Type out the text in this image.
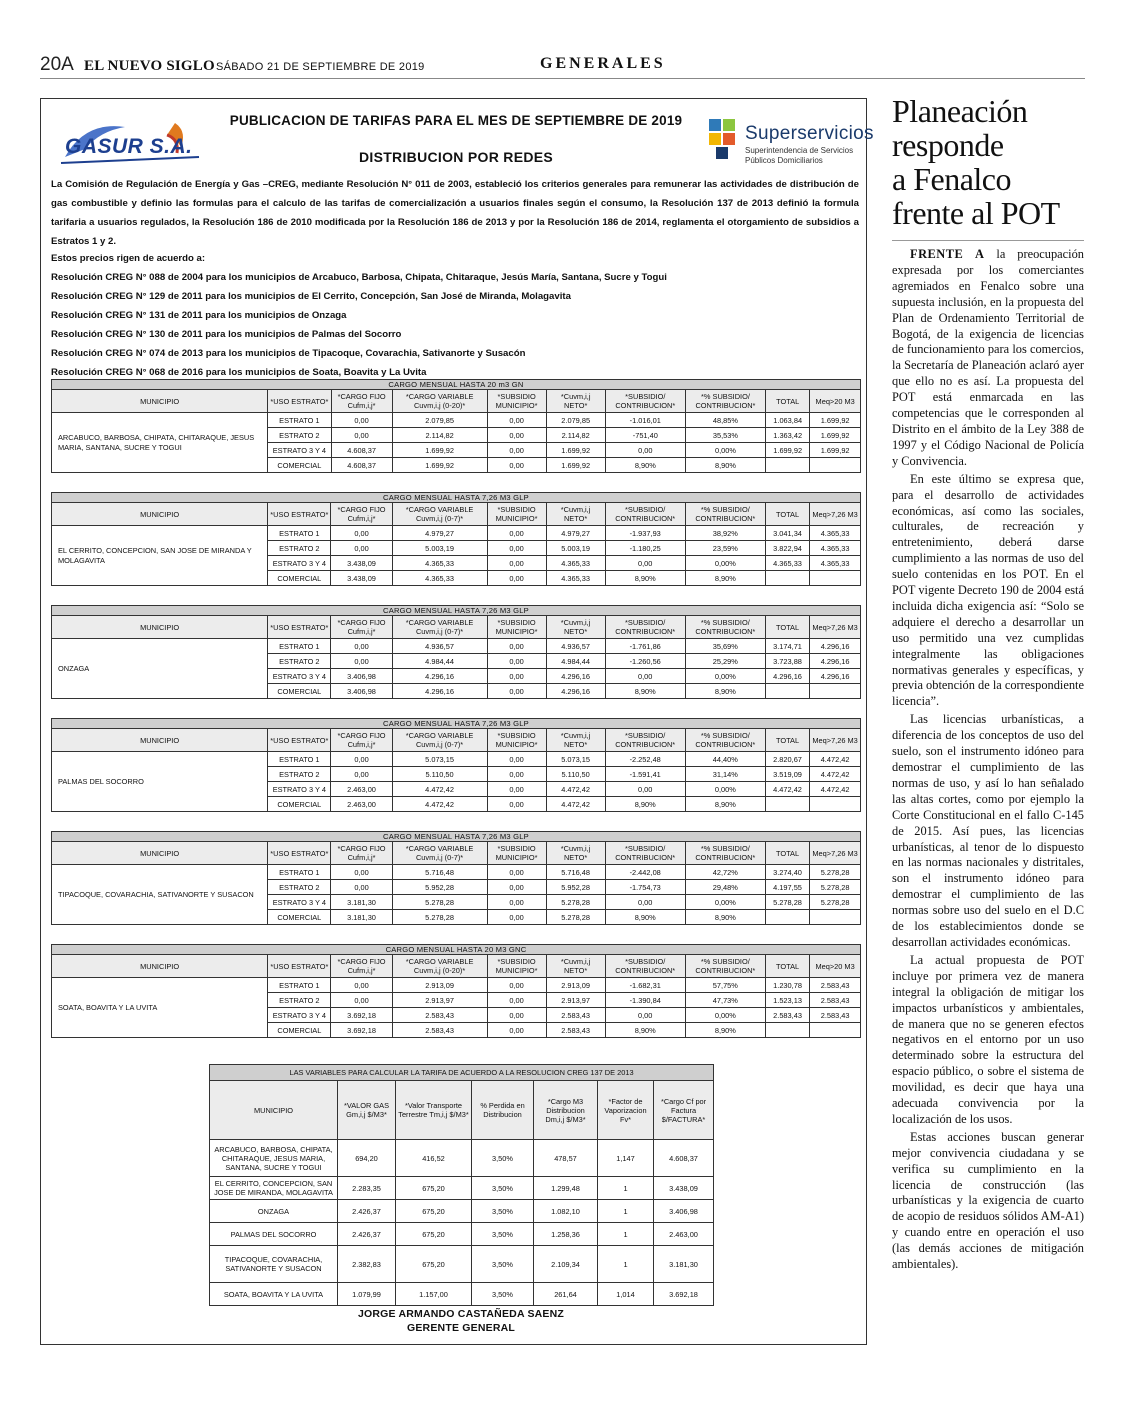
20A EL NUEVO SIGLO SÁBADO 21 DE SEPTIEMBRE DE 2019	GENERALES
GASUR S.A.
Superservicios
Superintendencia de Servicios Públicos Domiciliarios
PUBLICACION DE TARIFAS PARA EL MES DE SEPTIEMBRE DE 2019
DISTRIBUCION POR REDES
La Comisión de Regulación de Energía y Gas –CREG, mediante Resolución N° 011 de 2003, estableció los criterios generales para remunerar las actividades de distribución de gas combustible y definio las formulas para el calculo de las tarifas de comercialización a usuarios finales según el consumo, la Resolución 137 de 2013 definió la formula tarifaria a usuarios regulados, la Resolución 186 de 2010 modificada por la Resolución 186 de 2013 y por la Resolución 186 de 2014, reglamenta el otorgamiento de subsidios a Estratos 1 y 2.
Estos precios rigen de acuerdo a:
Resolución CREG N° 088 de 2004 para los municipios de Arcabuco, Barbosa, Chipata, Chitaraque, Jesús María, Santana, Sucre y Togui
Resolución CREG N° 129 de 2011 para los municipios de El Cerrito, Concepción, San José de Miranda, Molagavita
Resolución CREG N° 131 de 2011 para los municipios de Onzaga
Resolución CREG N° 130 de 2011 para los municipios de Palmas del Socorro
Resolución CREG N° 074 de 2013 para los municipios de Tipacoque, Covarachia, Sativanorte y Susacón
Resolución CREG N° 068 de 2016 para los municipios de Soata, Boavita y La Uvita
CARGO MENSUAL HASTA 20 m3 GN									
MUNICIPIO	*USO ESTRATO*	*CARGO FIJO Cufm,i,j*	*CARGO VARIABLE Cuvm,i,j (0-20)*	*SUBSIDIO MUNICIPIO*	*Cuvm,i,j NETO*	*SUBSIDIO/ CONTRIBUCION*	*% SUBSIDIO/ CONTRIBUCION*	TOTAL	Meq>20 M3
ARCABUCO, BARBOSA, CHIPATA, CHITARAQUE, JESUS MARIA, SANTANA, SUCRE Y TOGUI	ESTRATO 1	0,00	2.079,85	0,00	2.079,85	-1.016,01	48,85%	1.063,84	1.699,92
	ESTRATO 2	0,00	2.114,82	0,00	2.114,82	-751,40	35,53%	1.363,42	1.699,92
	ESTRATO 3 Y 4	4.608,37	1.699,92	0,00	1.699,92	0,00	0,00%	1.699,92	1.699,92
	COMERCIAL	4.608,37	1.699,92	0,00	1.699,92	8,90%	8,90%		
CARGO MENSUAL HASTA 7,26 M3 GLP									
MUNICIPIO	*USO ESTRATO*	*CARGO FIJO Cufm,i,j*	*CARGO VARIABLE Cuvm,i,j (0-7)*	*SUBSIDIO MUNICIPIO*	*Cuvm,i,j NETO*	*SUBSIDIO/ CONTRIBUCION*	*% SUBSIDIO/ CONTRIBUCION*	TOTAL	Meq>7,26 M3
EL CERRITO, CONCEPCION, SAN JOSE DE MIRANDA Y MOLAGAVITA	ESTRATO 1	0,00	4.979,27	0,00	4.979,27	-1.937,93	38,92%	3.041,34	4.365,33
	ESTRATO 2	0,00	5.003,19	0,00	5.003,19	-1.180,25	23,59%	3.822,94	4.365,33
	ESTRATO 3 Y 4	3.438,09	4.365,33	0,00	4.365,33	0,00	0,00%	4.365,33	4.365,33
	COMERCIAL	3.438,09	4.365,33	0,00	4.365,33	8,90%	8,90%		
CARGO MENSUAL HASTA 7,26 M3 GLP									
MUNICIPIO	*USO ESTRATO*	*CARGO FIJO Cufm,i,j*	*CARGO VARIABLE Cuvm,i,j (0-7)*	*SUBSIDIO MUNICIPIO*	*Cuvm,i,j NETO*	*SUBSIDIO/ CONTRIBUCION*	*% SUBSIDIO/ CONTRIBUCION*	TOTAL	Meq>7,26 M3
ONZAGA	ESTRATO 1	0,00	4.936,57	0,00	4.936,57	-1.761,86	35,69%	3.174,71	4.296,16
	ESTRATO 2	0,00	4.984,44	0,00	4.984,44	-1.260,56	25,29%	3.723,88	4.296,16
	ESTRATO 3 Y 4	3.406,98	4.296,16	0,00	4.296,16	0,00	0,00%	4.296,16	4.296,16
	COMERCIAL	3.406,98	4.296,16	0,00	4.296,16	8,90%	8,90%		
CARGO MENSUAL HASTA 7,26 M3 GLP									
MUNICIPIO	*USO ESTRATO*	*CARGO FIJO Cufm,i,j*	*CARGO VARIABLE Cuvm,i,j (0-7)*	*SUBSIDIO MUNICIPIO*	*Cuvm,i,j NETO*	*SUBSIDIO/ CONTRIBUCION*	*% SUBSIDIO/ CONTRIBUCION*	TOTAL	Meq>7,26 M3
PALMAS DEL SOCORRO	ESTRATO 1	0,00	5.073,15	0,00	5.073,15	-2.252,48	44,40%	2.820,67	4.472,42
	ESTRATO 2	0,00	5.110,50	0,00	5.110,50	-1.591,41	31,14%	3.519,09	4.472,42
	ESTRATO 3 Y 4	2.463,00	4.472,42	0,00	4.472,42	0,00	0,00%	4.472,42	4.472,42
	COMERCIAL	2.463,00	4.472,42	0,00	4.472,42	8,90%	8,90%		
CARGO MENSUAL HASTA 7,26 M3 GLP									
MUNICIPIO	*USO ESTRATO*	*CARGO FIJO Cufm,i,j*	*CARGO VARIABLE Cuvm,i,j (0-7)*	*SUBSIDIO MUNICIPIO*	*Cuvm,i,j NETO*	*SUBSIDIO/ CONTRIBUCION*	*% SUBSIDIO/ CONTRIBUCION*	TOTAL	Meq>7,26 M3
TIPACOQUE, COVARACHIA, SATIVANORTE Y SUSACON	ESTRATO 1	0,00	5.716,48	0,00	5.716,48	-2.442,08	42,72%	3.274,40	5.278,28
	ESTRATO 2	0,00	5.952,28	0,00	5.952,28	-1.754,73	29,48%	4.197,55	5.278,28
	ESTRATO 3 Y 4	3.181,30	5.278,28	0,00	5.278,28	0,00	0,00%	5.278,28	5.278,28
	COMERCIAL	3.181,30	5.278,28	0,00	5.278,28	8,90%	8,90%		
CARGO MENSUAL HASTA 20 M3 GNC									
MUNICIPIO	*USO ESTRATO*	*CARGO FIJO Cufm,i,j*	*CARGO VARIABLE Cuvm,i,j (0-20)*	*SUBSIDIO MUNICIPIO*	*Cuvm,i,j NETO*	*SUBSIDIO/ CONTRIBUCION*	*% SUBSIDIO/ CONTRIBUCION*	TOTAL	Meq>20 M3
SOATA, BOAVITA Y LA UVITA	ESTRATO 1	0,00	2.913,09	0,00	2.913,09	-1.682,31	57,75%	1.230,78	2.583,43
	ESTRATO 2	0,00	2.913,97	0,00	2.913,97	-1.390,84	47,73%	1.523,13	2.583,43
	ESTRATO 3 Y 4	3.692,18	2.583,43	0,00	2.583,43	0,00	0,00%	2.583,43	2.583,43
	COMERCIAL	3.692,18	2.583,43	0,00	2.583,43	8,90%	8,90%		
LAS VARIABLES PARA CALCULAR LA TARIFA DE ACUERDO A LA RESOLUCION CREG 137 DE 2013						
MUNICIPIO	*VALOR GAS Gm,i,j $/M3*	*Valor Transporte Terrestre Tm,i,j $/M3*	% Perdida en Distribucion	*Cargo M3 Distribucion Dm,i,j $/M3*	*Factor de Vaporizacion Fv*	*Cargo Cf por Factura $/FACTURA*
ARCABUCO, BARBOSA, CHIPATA, CHITARAQUE, JESUS MARIA, SANTANA, SUCRE Y TOGUI	694,20	416,52	3,50%	478,57	1,147	4.608,37
EL CERRITO, CONCEPCION, SAN JOSE DE MIRANDA, MOLAGAVITA	2.283,35	675,20	3,50%	1.299,48	1	3.438,09
ONZAGA	2.426,37	675,20	3,50%	1.082,10	1	3.406,98
PALMAS DEL SOCORRO	2.426,37	675,20	3,50%	1.258,36	1	2.463,00
TIPACOQUE, COVARACHIA, SATIVANORTE Y SUSACON	2.382,83	675,20	3,50%	2.109,34	1	3.181,30
SOATA, BOAVITA Y LA UVITA	1.079,99	1.157,00	3,50%	261,64	1,014	3.692,18
JORGE ARMANDO CASTAÑEDA SAENZ
GERENTE GENERAL
Planeación
responde
a Fenalco
frente al POT

FRENTE A la preocupación expresada por los comerciantes agremiados en Fenalco sobre una supuesta inclusión, en la propuesta del Plan de Ordenamiento Territorial de Bogotá, de la exigencia de licencias de funcionamiento para los comercios, la Secretaría de Planeación aclaró ayer que ello no es así. La propuesta del POT está enmarcada en las competencias que le corresponden al Distrito en el ámbito de la Ley 388 de 1997 y el Código Nacional de Policía y Convivencia.

En este último se expresa que, para el desarrollo de actividades económicas, así como las sociales, culturales, de recreación y entretenimiento, deberá darse cumplimiento a las normas de uso del suelo contenidas en los POT. En el POT vigente Decreto 190 de 2004 está incluida dicha exigencia así: “Solo se adquiere el derecho a desarrollar un uso permitido una vez cumplidas integralmente las obligaciones normativas generales y específicas, y previa obtención de la correspondiente licencia”.

Las licencias urbanísticas, a diferencia de los conceptos de uso del suelo, son el instrumento idóneo para demostrar el cumplimiento de las normas de uso, y así lo han señalado las altas cortes, como por ejemplo la Corte Constitucional en el fallo C-145 de 2015. Así pues, las licencias urbanísticas, al tenor de lo dispuesto en las normas nacionales y distritales, son el instrumento idóneo para demostrar el cumplimiento de las normas sobre uso del suelo en el D.C de los establecimientos donde se desarrollan actividades económicas.

La actual propuesta de POT incluye por primera vez de manera integral la obligación de mitigar los impactos urbanísticos y ambientales, de manera que no se generen efectos negativos en el entorno por un uso determinado sobre la estructura del espacio público, o sobre el sistema de movilidad, es decir que haya una adecuada convivencia por la localización de los usos.

Estas acciones buscan generar mejor convivencia ciudadana y se verifica su cumplimiento en la licencia de construcción (las urbanísticas y la exigencia de cuarto de acopio de residuos sólidos AM-A1) y cuando entre en operación el uso (las demás acciones de mitigación ambientales).
